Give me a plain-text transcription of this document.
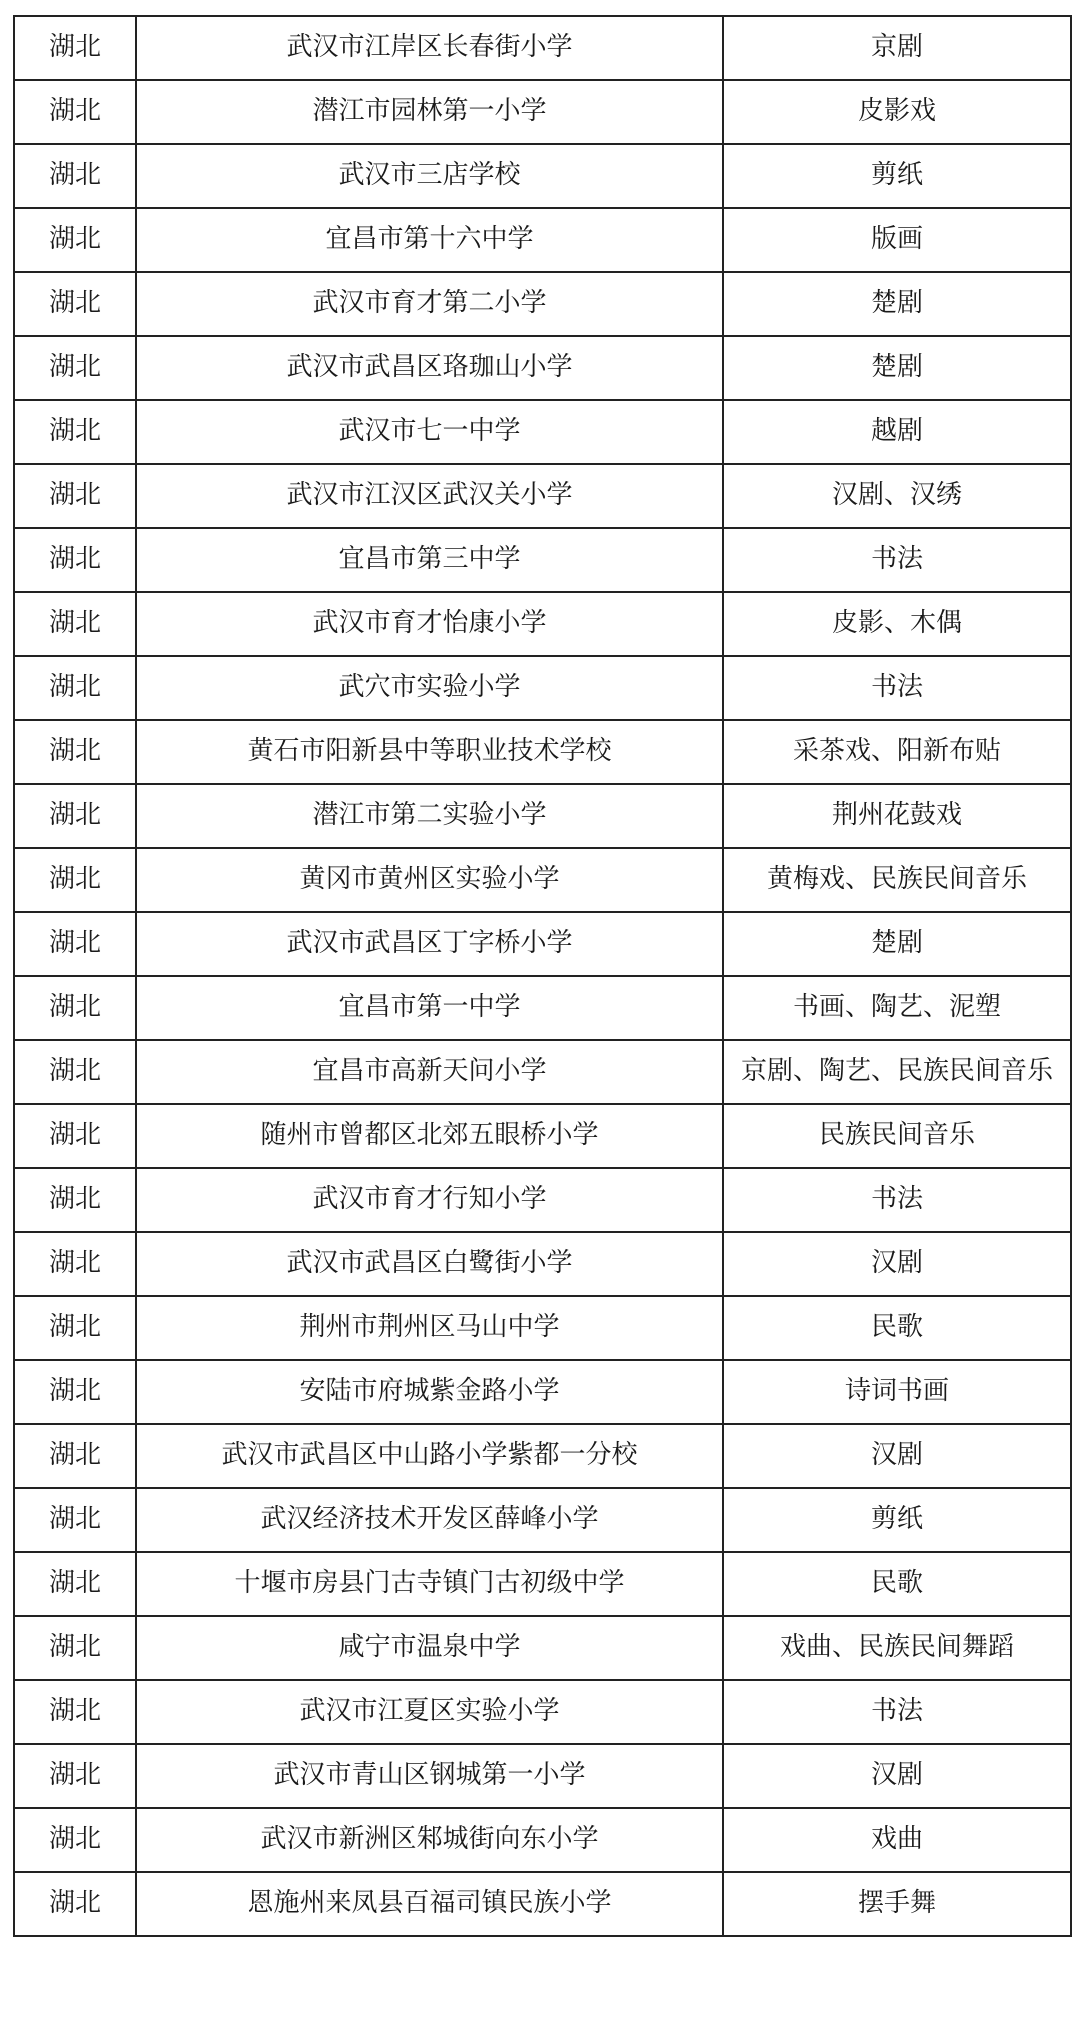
湖北	武汉市江岸区长春街小学	京剧
湖北	潜江市园林第一小学	皮影戏
湖北	武汉市三店学校	剪纸
湖北	宜昌市第十六中学	版画
湖北	武汉市育才第二小学	楚剧
湖北	武汉市武昌区珞珈山小学	楚剧
湖北	武汉市七一中学	越剧
湖北	武汉市江汉区武汉关小学	汉剧、汉绣
湖北	宜昌市第三中学	书法
湖北	武汉市育才怡康小学	皮影、木偶
湖北	武穴市实验小学	书法
湖北	黄石市阳新县中等职业技术学校	采茶戏、阳新布贴
湖北	潜江市第二实验小学	荆州花鼓戏
湖北	黄冈市黄州区实验小学	黄梅戏、民族民间音乐
湖北	武汉市武昌区丁字桥小学	楚剧
湖北	宜昌市第一中学	书画、陶艺、泥塑
湖北	宜昌市高新天问小学	京剧、陶艺、民族民间音乐
湖北	随州市曾都区北郊五眼桥小学	民族民间音乐
湖北	武汉市育才行知小学	书法
湖北	武汉市武昌区白鹭街小学	汉剧
湖北	荆州市荆州区马山中学	民歌
湖北	安陆市府城紫金路小学	诗词书画
湖北	武汉市武昌区中山路小学紫都一分校	汉剧
湖北	武汉经济技术开发区薛峰小学	剪纸
湖北	十堰市房县门古寺镇门古初级中学	民歌
湖北	咸宁市温泉中学	戏曲、民族民间舞蹈
湖北	武汉市江夏区实验小学	书法
湖北	武汉市青山区钢城第一小学	汉剧
湖北	武汉市新洲区邾城街向东小学	戏曲
湖北	恩施州来凤县百福司镇民族小学	摆手舞
